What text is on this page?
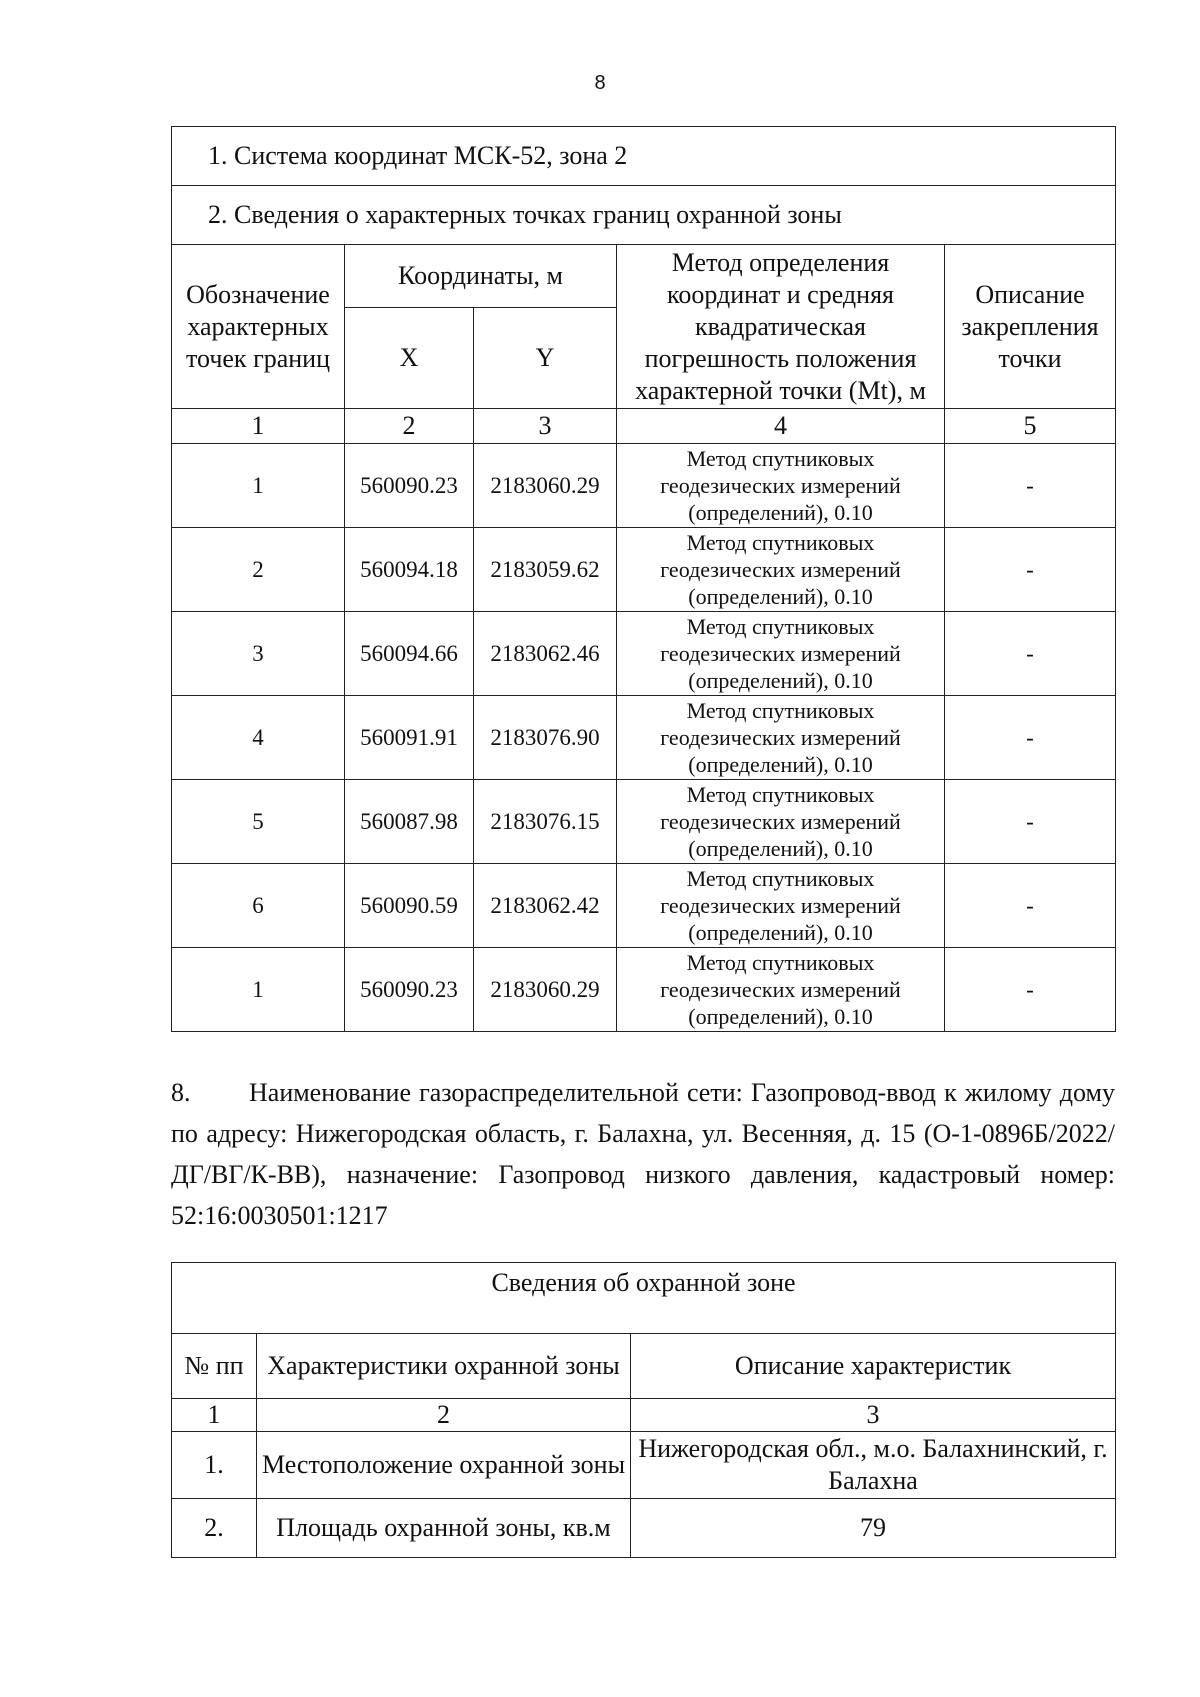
8
1. Система координат МСК-52, зона 2				
2. Сведения о характерных точках границ охранной зоны				
Обозначение характерных точек границ	Координаты, м		Метод определения координат и средняя квадратическая погрешность положения характерной точки (Mt), м	Описание закрепления точки
	X	Y		
1	2	3	4	5
1	560090.23	2183060.29	Метод спутниковых геодезических измерений (определений), 0.10	-
2	560094.18	2183059.62	Метод спутниковых геодезических измерений (определений), 0.10	-
3	560094.66	2183062.46	Метод спутниковых геодезических измерений (определений), 0.10	-
4	560091.91	2183076.90	Метод спутниковых геодезических измерений (определений), 0.10	-
5	560087.98	2183076.15	Метод спутниковых геодезических измерений (определений), 0.10	-
6	560090.59	2183062.42	Метод спутниковых геодезических измерений (определений), 0.10	-
1	560090.23	2183060.29	Метод спутниковых геодезических измерений (определений), 0.10	-
8. Наименование газораспределительной сети: Газопровод-ввод к жилому дому по адресу: Нижегородская область, г. Балахна, ул. Весенняя, д. 15 (О-1-0896Б/2022/ДГ/ВГ/К-ВВ), назначение: Газопровод низкого давления, кадастровый номер: 52:16:0030501:1217
Сведения об охранной зоне		
№ пп	Характеристики охранной зоны	Описание характеристик
1	2	3
1.	Местоположение охранной зоны	Нижегородская обл., м.о. Балахнинский, г. Балахна
2.	Площадь охранной зоны, кв.м	79
